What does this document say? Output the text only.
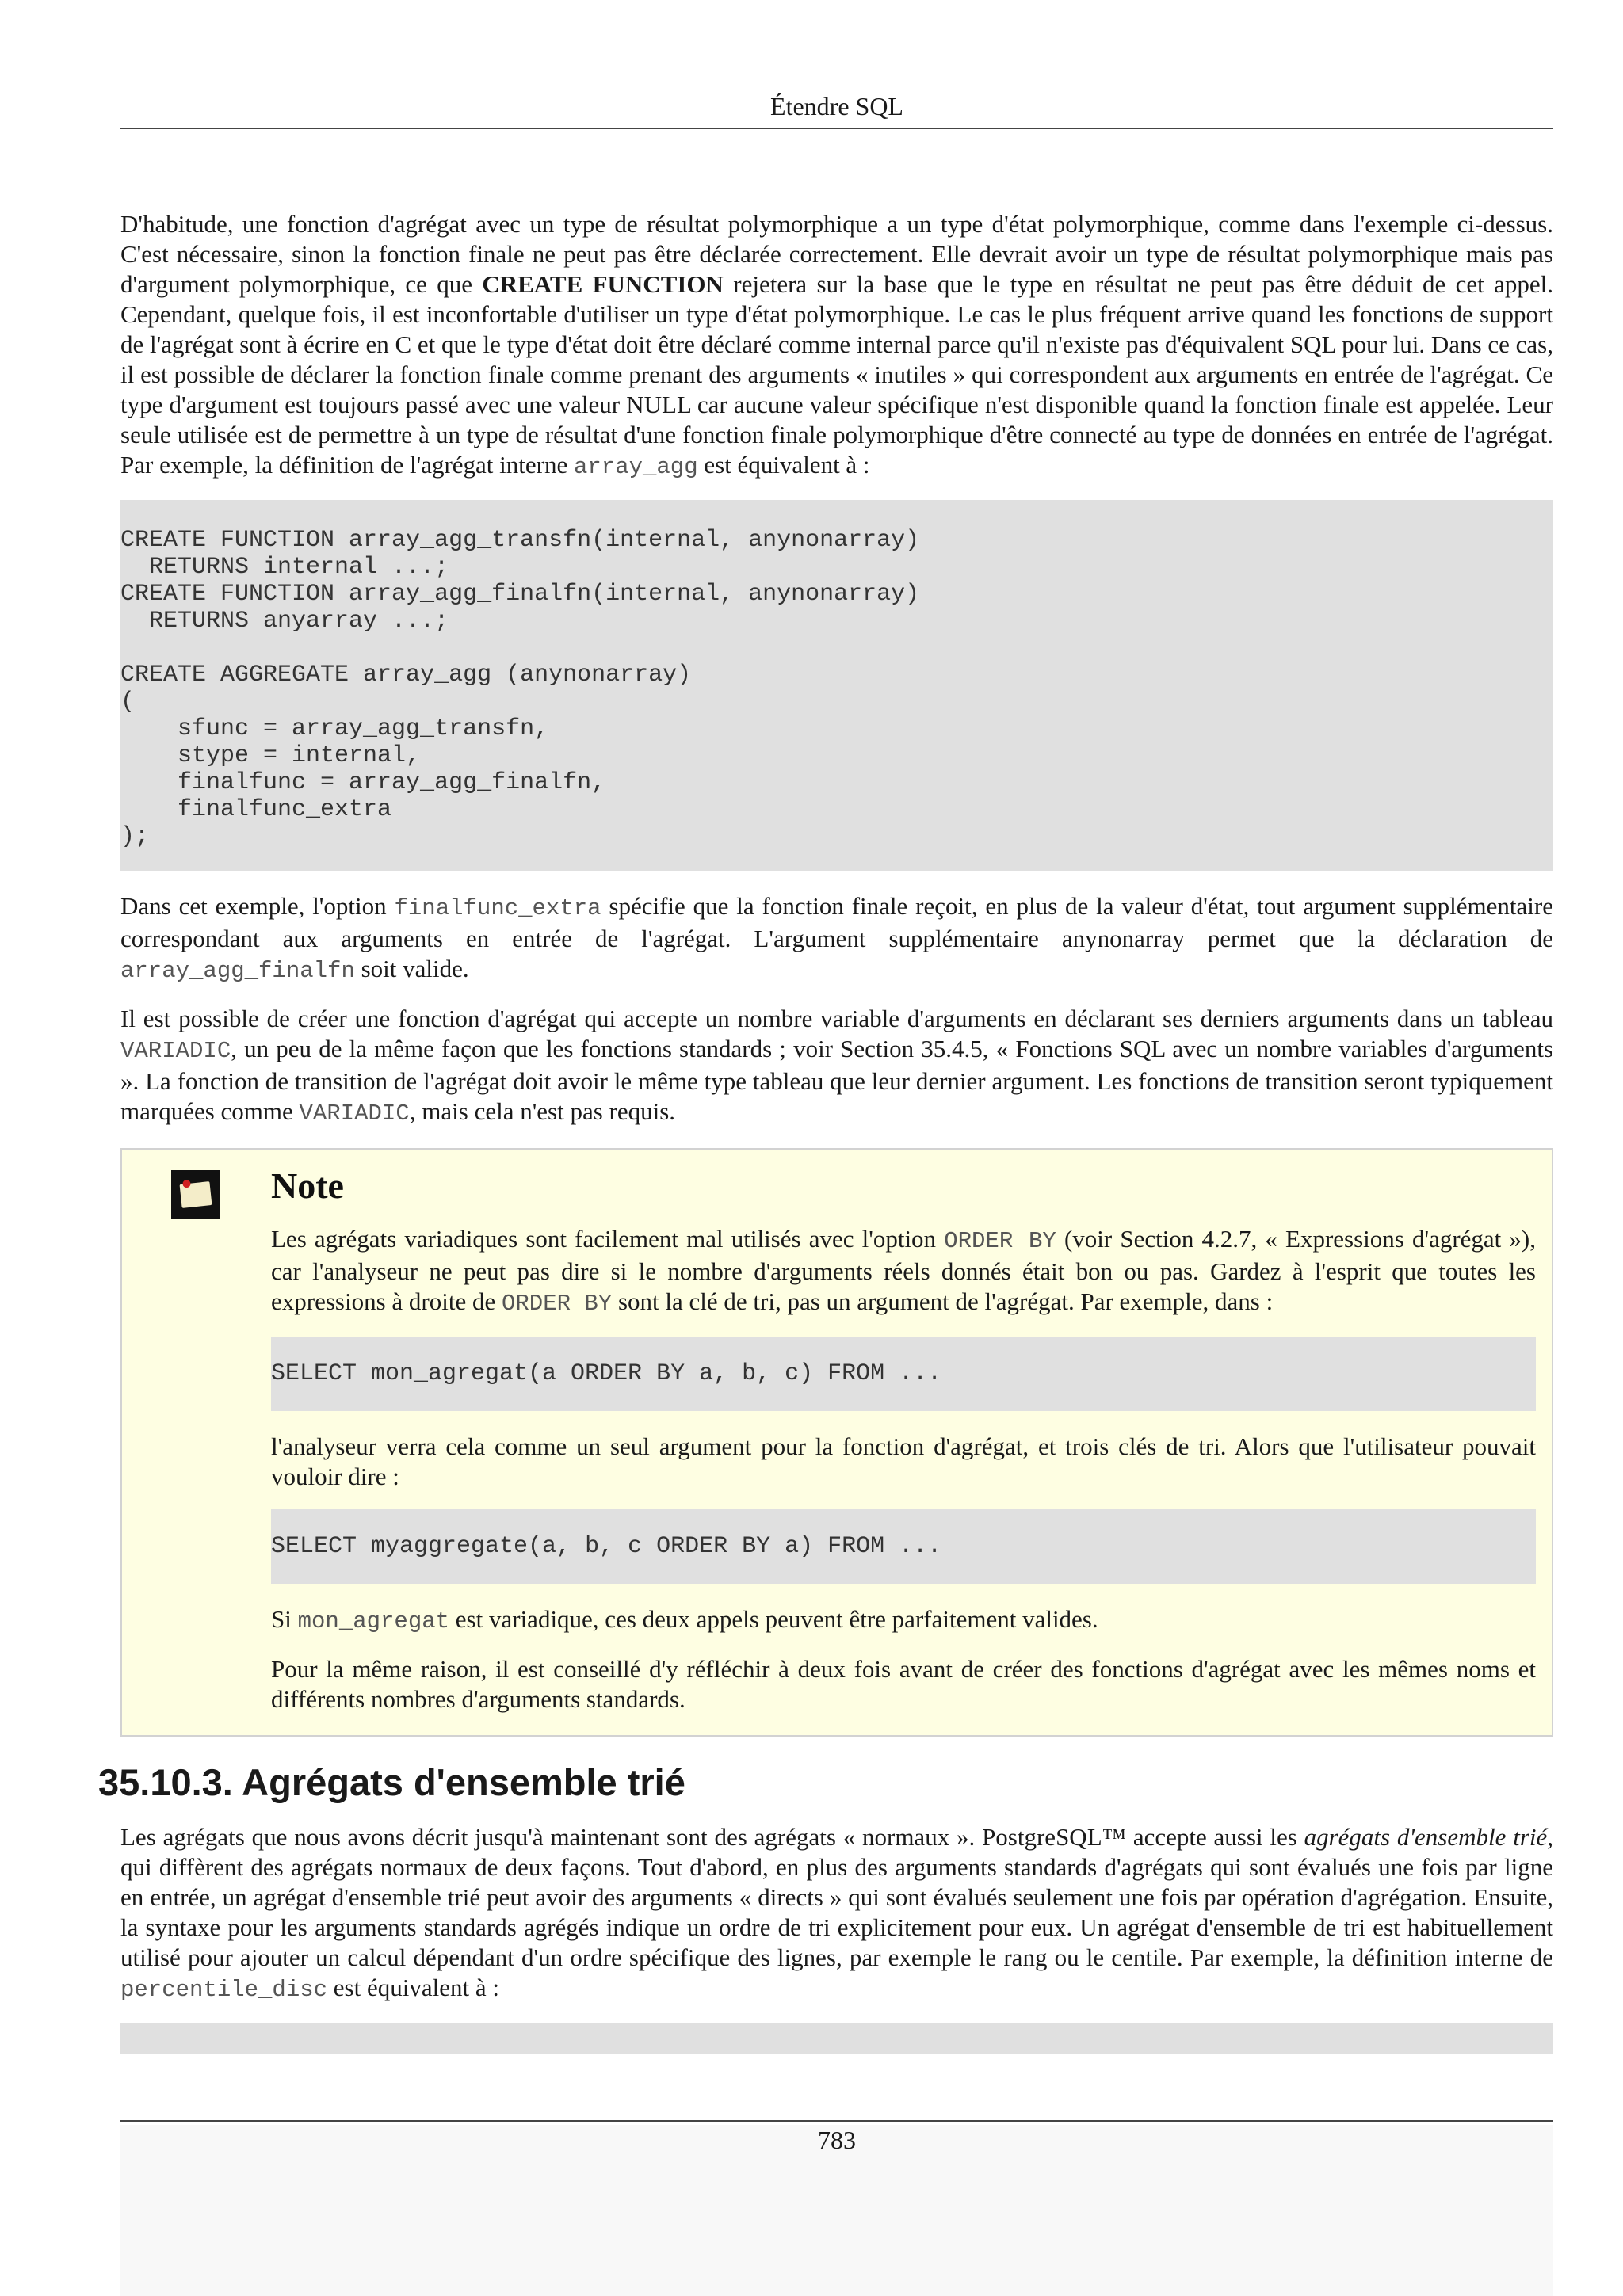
Étendre SQL

D'habitude, une fonction d'agrégat avec un type de résultat polymorphique a un type d'état polymorphique, comme dans l'exemple ci-dessus. C'est nécessaire, sinon la fonction finale ne peut pas être déclarée correctement. Elle devrait avoir un type de résultat polymorphique mais pas d'argument polymorphique, ce que CREATE FUNCTION rejetera sur la base que le type en résultat ne peut pas être déduit de cet appel. Cependant, quelque fois, il est inconfortable d'utiliser un type d'état polymorphique. Le cas le plus fréquent arrive quand les fonctions de support de l'agrégat sont à écrire en C et que le type d'état doit être déclaré comme internal parce qu'il n'existe pas d'équivalent SQL pour lui. Dans ce cas, il est possible de déclarer la fonction finale comme prenant des arguments « inutiles » qui correspondent aux arguments en entrée de l'agrégat. Ce type d'argument est toujours passé avec une valeur NULL car aucune valeur spécifique n'est disponible quand la fonction finale est appelée. Leur seule utilisée est de permettre à un type de résultat d'une fonction finale polymorphique d'être connecté au type de données en entrée de l'agrégat. Par exemple, la définition de l'agrégat interne array_agg est équivalent à :

CREATE FUNCTION array_agg_transfn(internal, anynonarray)
RETURNS internal ...;
CREATE FUNCTION array_agg_finalfn(internal, anynonarray)
RETURNS anyarray ...;

CREATE AGGREGATE array_agg (anynonarray)
(
sfunc = array_agg_transfn,
stype = internal,
finalfunc = array_agg_finalfn,
finalfunc_extra
);

Dans cet exemple, l'option finalfunc_extra spécifie que la fonction finale reçoit, en plus de la valeur d'état, tout argument supplémentaire correspondant aux arguments en entrée de l'agrégat. L'argument supplémentaire anynonarray permet que la déclaration de array_agg_finalfn soit valide.

Il est possible de créer une fonction d'agrégat qui accepte un nombre variable d'arguments en déclarant ses derniers arguments dans un tableau VARIADIC, un peu de la même façon que les fonctions standards ; voir Section 35.4.5, « Fonctions SQL avec un nombre variables d'arguments ». La fonction de transition de l'agrégat doit avoir le même type tableau que leur dernier argument. Les fonctions de transition seront typiquement marquées comme VARIADIC, mais cela n'est pas requis.

Note

Les agrégats variadiques sont facilement mal utilisés avec l'option ORDER BY (voir Section 4.2.7, « Expressions d'agrégat »), car l'analyseur ne peut pas dire si le nombre d'arguments réels donnés était bon ou pas. Gardez à l'esprit que toutes les expressions à droite de ORDER BY sont la clé de tri, pas un argument de l'agrégat. Par exemple, dans :

SELECT mon_agregat(a ORDER BY a, b, c) FROM ...

l'analyseur verra cela comme un seul argument pour la fonction d'agrégat, et trois clés de tri. Alors que l'utilisateur pouvait vouloir dire :

SELECT myaggregate(a, b, c ORDER BY a) FROM ...

Si mon_agregat est variadique, ces deux appels peuvent être parfaitement valides.

Pour la même raison, il est conseillé d'y réfléchir à deux fois avant de créer des fonctions d'agrégat avec les mêmes noms et différents nombres d'arguments standards.

35.10.3. Agrégats d'ensemble trié

Les agrégats que nous avons décrit jusqu'à maintenant sont des agrégats « normaux ». PostgreSQL™ accepte aussi les agrégats d'ensemble trié, qui diffèrent des agrégats normaux de deux façons. Tout d'abord, en plus des arguments standards d'agrégats qui sont évalués une fois par ligne en entrée, un agrégat d'ensemble trié peut avoir des arguments « directs » qui sont évalués seulement une fois par opération d'agrégation. Ensuite, la syntaxe pour les arguments standards agrégés indique un ordre de tri explicitement pour eux. Un agrégat d'ensemble de tri est habituellement utilisé pour ajouter un calcul dépendant d'un ordre spécifique des lignes, par exemple le rang ou le centile. Par exemple, la définition interne de percentile_disc est équivalent à :

783
